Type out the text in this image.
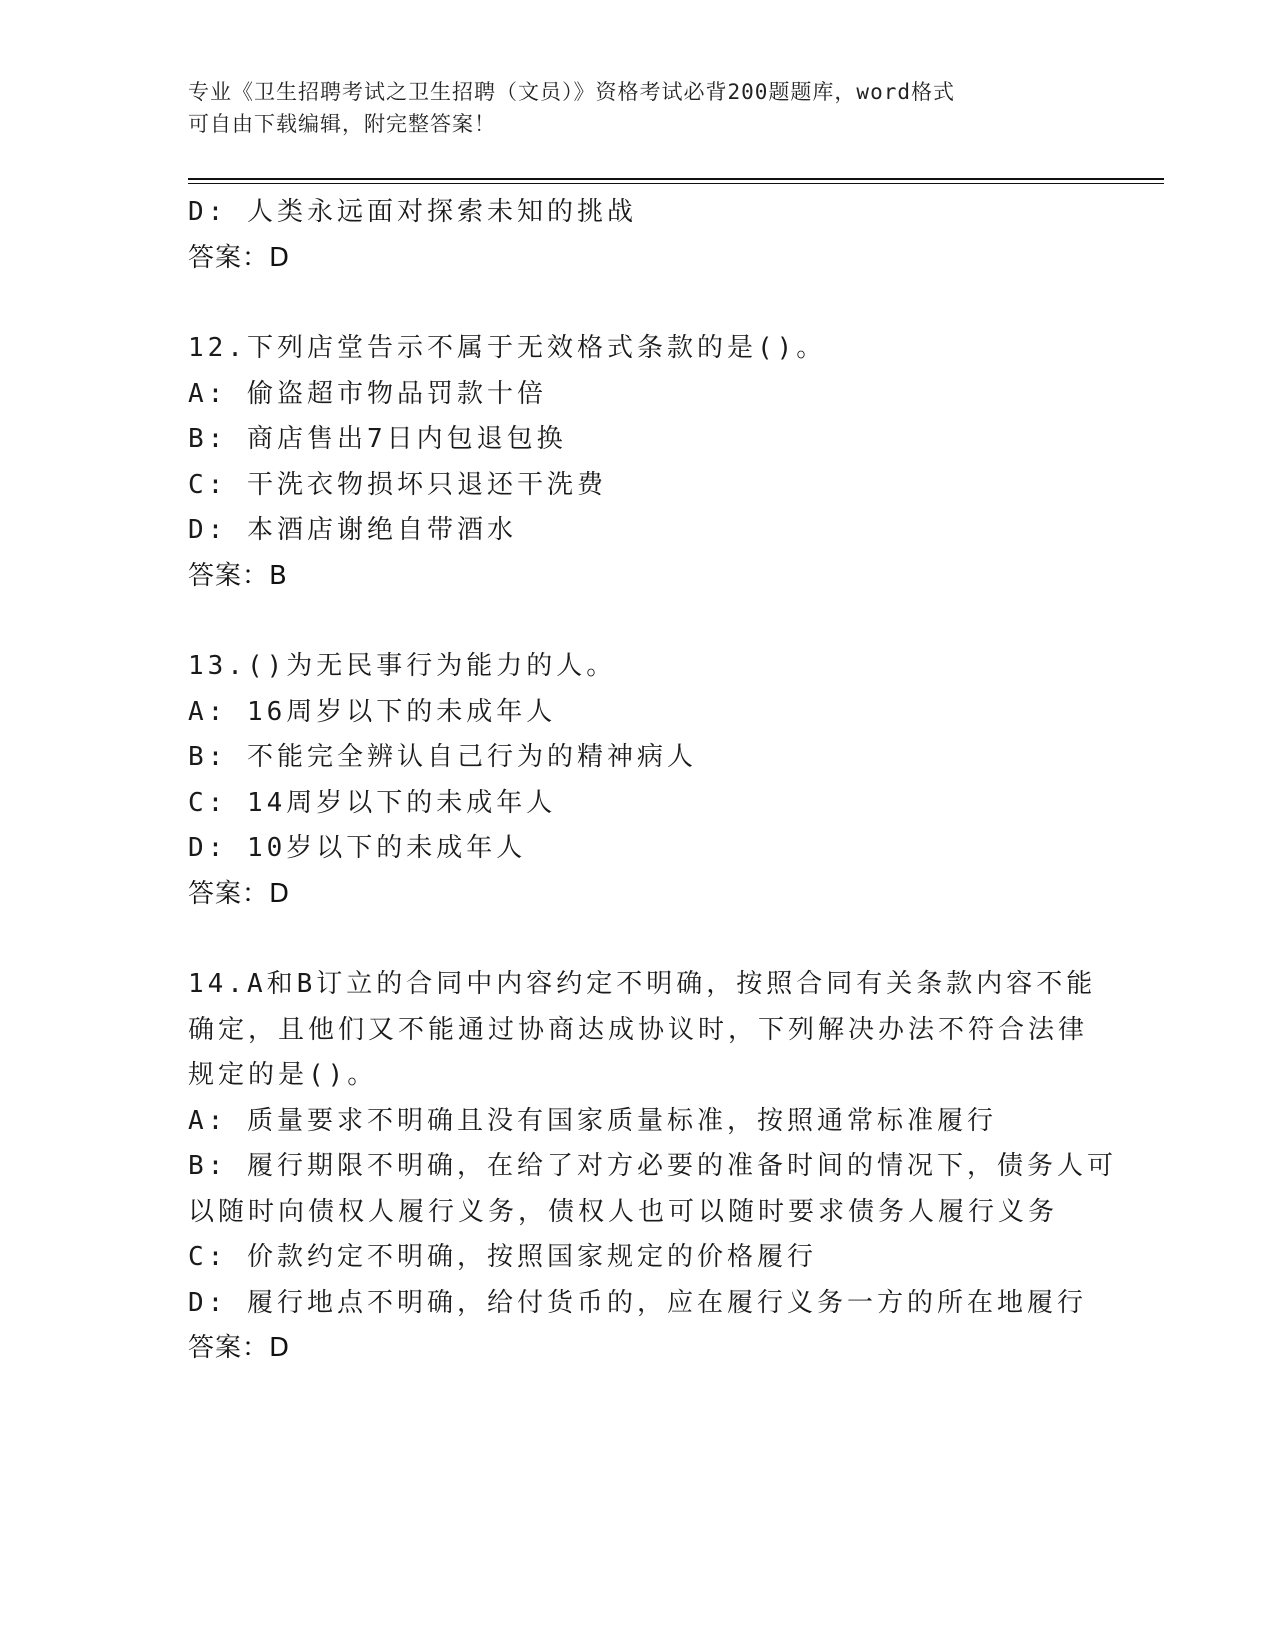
专业《卫生招聘考试之卫生招聘（文员）》资格考试必背200题题库，word格式
可自由下载编辑，附完整答案！
D: 人类永远面对探索未知的挑战
答案：D
12.下列店堂告示不属于无效格式条款的是()。
A: 偷盗超市物品罚款十倍
B: 商店售出7日内包退包换
C: 干洗衣物损坏只退还干洗费
D: 本酒店谢绝自带酒水
答案：B
13.()为无民事行为能力的人。
A: 16周岁以下的未成年人
B: 不能完全辨认自己行为的精神病人
C: 14周岁以下的未成年人
D: 10岁以下的未成年人
答案：D
14.A和B订立的合同中内容约定不明确，按照合同有关条款内容不能
确定，且他们又不能通过协商达成协议时，下列解决办法不符合法律
规定的是()。
A: 质量要求不明确且没有国家质量标准，按照通常标准履行
B: 履行期限不明确，在给了对方必要的准备时间的情况下，债务人可
以随时向债权人履行义务，债权人也可以随时要求债务人履行义务
C: 价款约定不明确，按照国家规定的价格履行
D: 履行地点不明确，给付货币的，应在履行义务一方的所在地履行
答案：D
